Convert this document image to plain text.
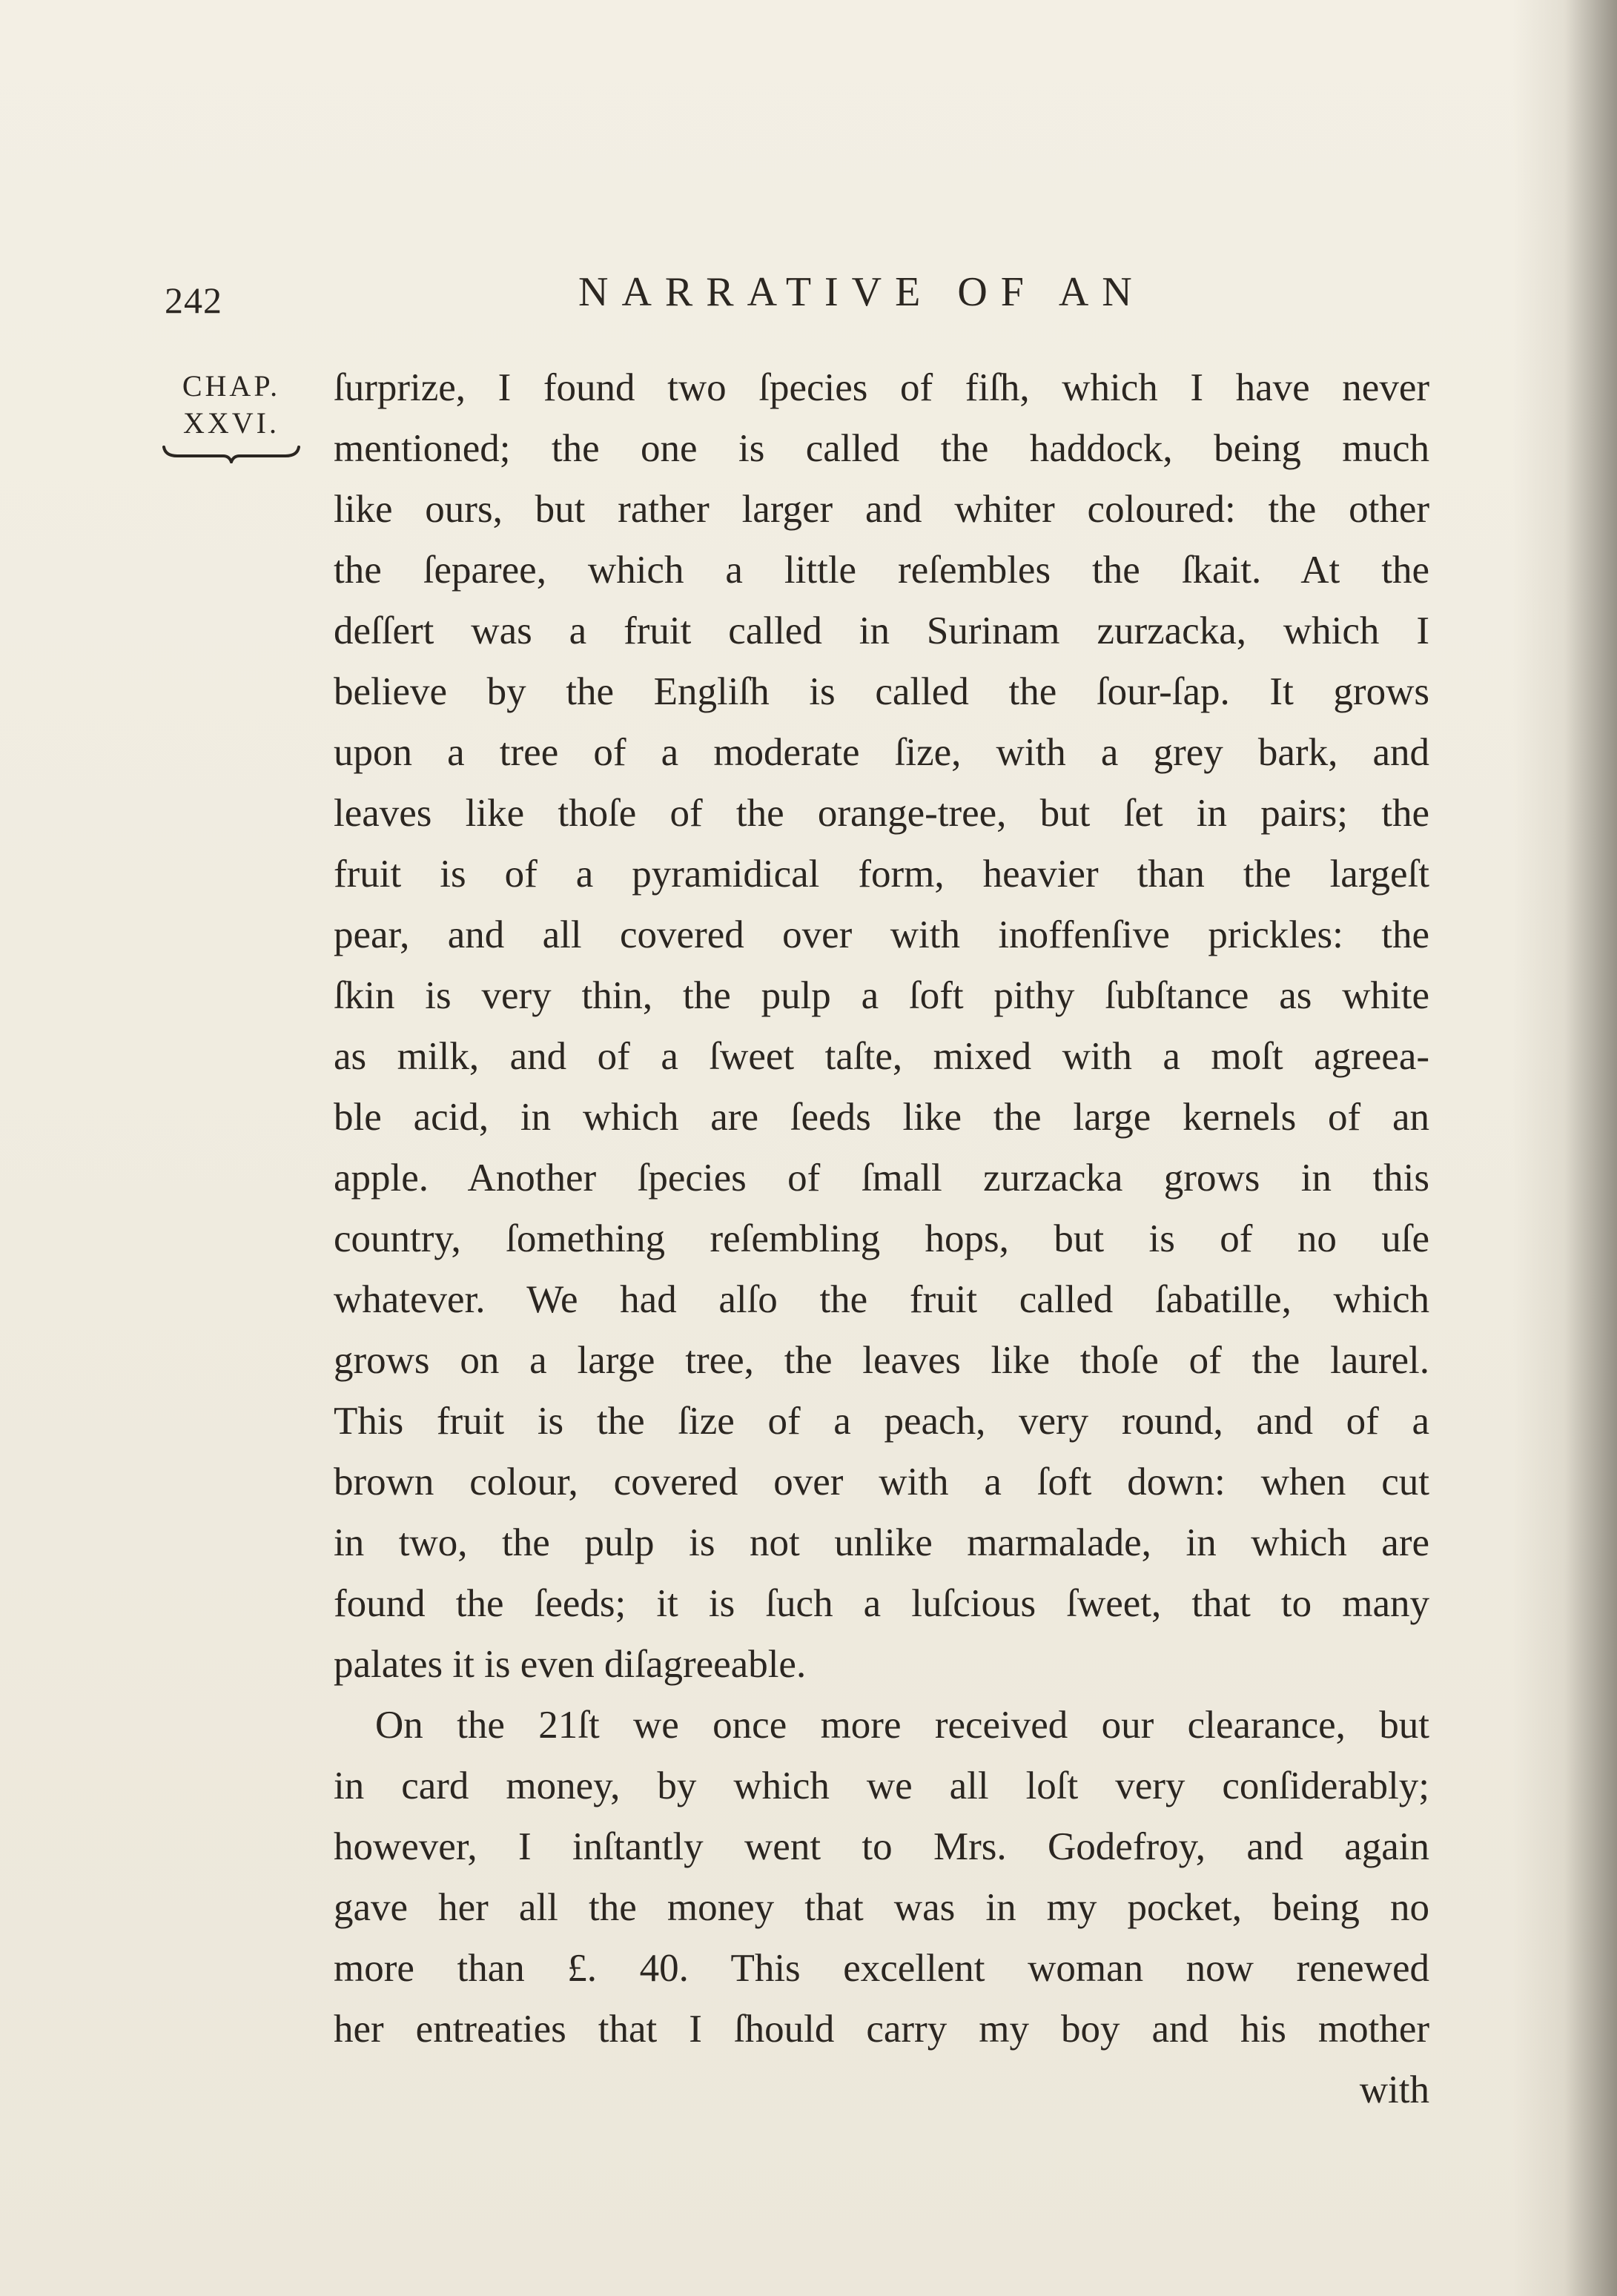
242	NARRATIVE OF AN
CHAP.
XXVI.
ſurprize, I found two ſpecies of fiſh, which I have never
mentioned; the one is called the haddock, being much
like ours, but rather larger and whiter coloured: the other
the ſeparee, which a little reſembles the ſkait. At the
deſſert was a fruit called in Surinam zurzacka, which I
believe by the Engliſh is called the ſour-ſap. It grows
upon a tree of a moderate ſize, with a grey bark, and
leaves like thoſe of the orange-tree, but ſet in pairs; the
fruit is of a pyramidical form, heavier than the largeſt
pear, and all covered over with inoffenſive prickles: the
ſkin is very thin, the pulp a ſoft pithy ſubſtance as white
as milk, and of a ſweet taſte, mixed with a moſt agreea-
ble acid, in which are ſeeds like the large kernels of an
apple. Another ſpecies of ſmall zurzacka grows in this
country, ſomething reſembling hops, but is of no uſe
whatever. We had alſo the fruit called ſabatille, which
grows on a large tree, the leaves like thoſe of the laurel.
This fruit is the ſize of a peach, very round, and of a
brown colour, covered over with a ſoft down: when cut
in two, the pulp is not unlike marmalade, in which are
found the ſeeds; it is ſuch a luſcious ſweet, that to many
palates it is even diſagreeable.
On the 21ſt we once more received our clearance, but
in card money, by which we all loſt very conſiderably;
however, I inſtantly went to Mrs. Godefroy, and again
gave her all the money that was in my pocket, being no
more than £. 40. This excellent woman now renewed
her entreaties that I ſhould carry my boy and his mother
with
